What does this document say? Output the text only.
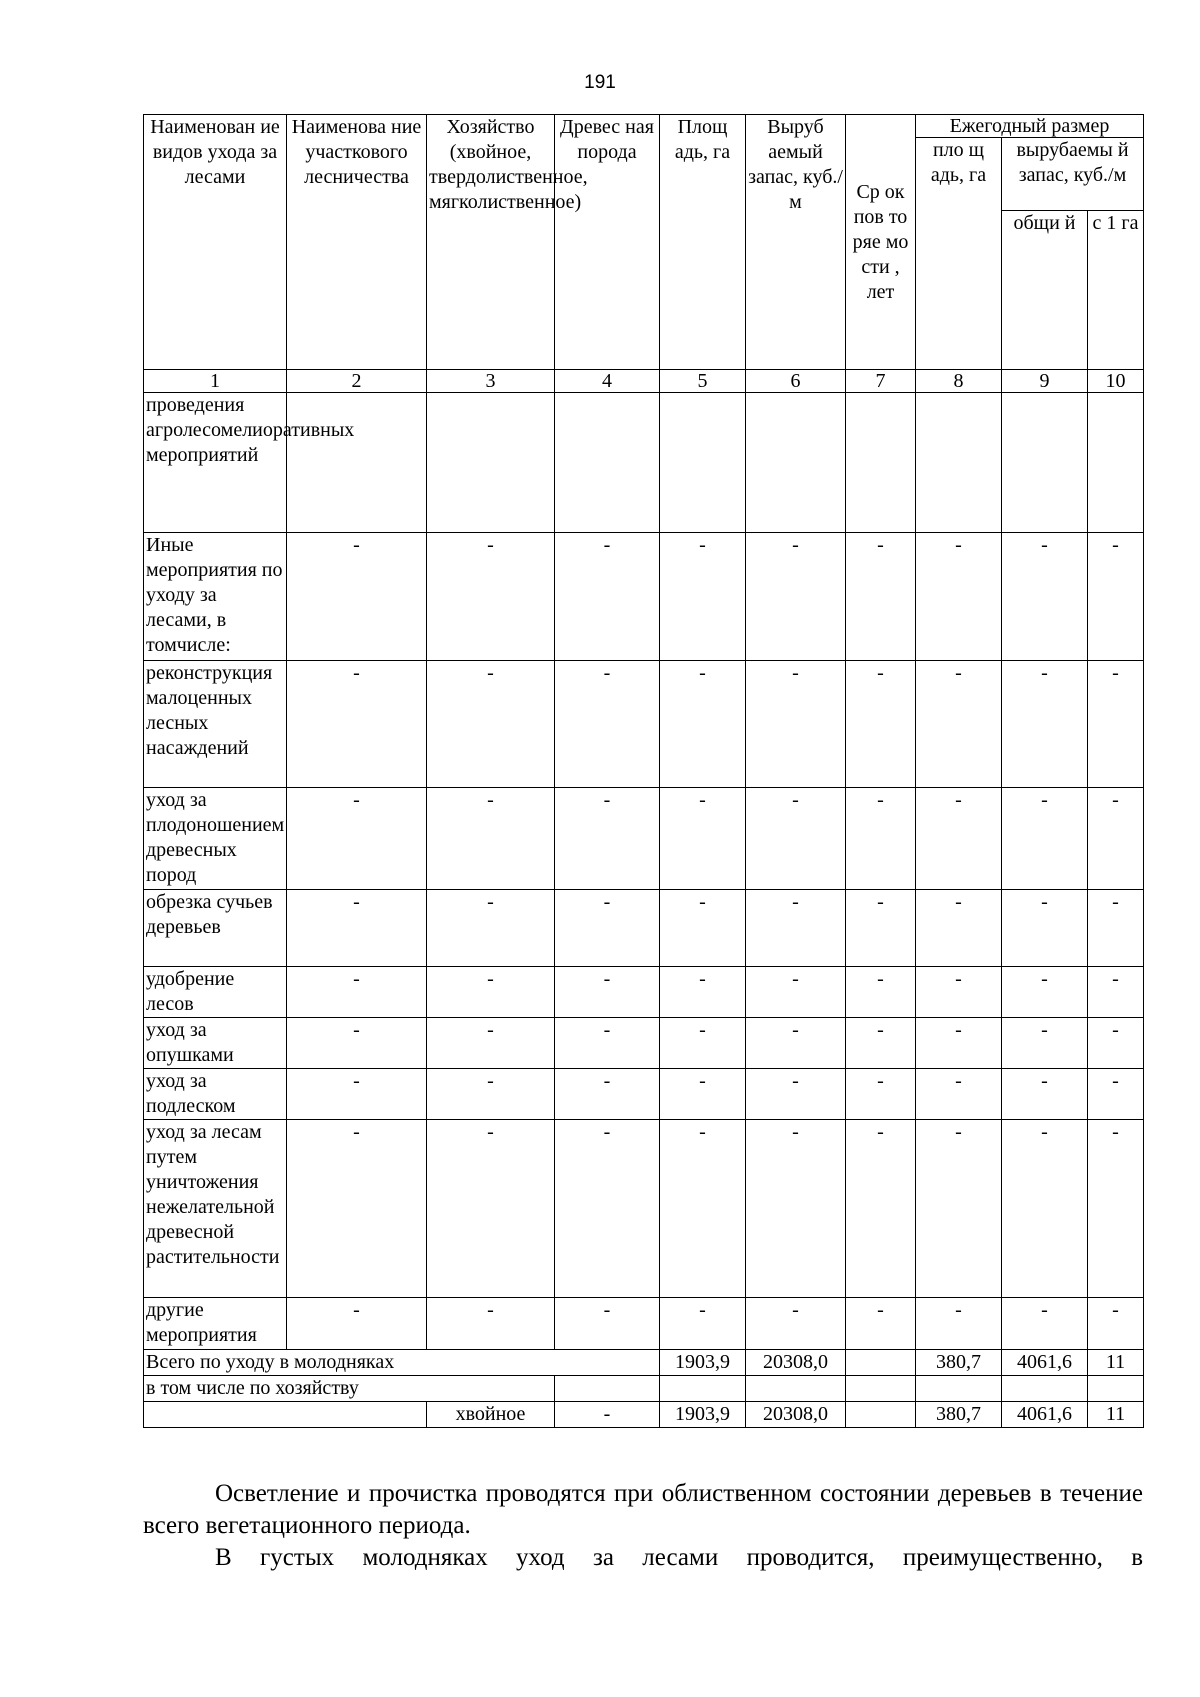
191
Наименован ие видов ухода за лесами	Наименова ние участкового лесничества	Хозяйство (хвойное, твердолиственное, мягколиственное)	Древес ная порода	Площ адь, га	Выруб аемый запас, куб./м	Ср ок пов то ряе мо сти , лет	Ежегодный размер		
							пло щ адь, га	вырубаемы й запас, куб./м	
								общи й	с 1 га
1	2	3	4	5	6	7	8	9	10
проведения агролесомелиоративных мероприятий									
Иные мероприятия по уходу за лесами, в томчисле:	-	-	-	-	-	-	-	-	-
реконструкция малоценных лесных насаждений	-	-	-	-	-	-	-	-	-
уход за плодоношением древесных пород	-	-	-	-	-	-	-	-	-
обрезка сучьев деревьев	-	-	-	-	-	-	-	-	-
удобрение лесов	-	-	-	-	-	-	-	-	-
уход за опушками	-	-	-	-	-	-	-	-	-
уход за подлеском	-	-	-	-	-	-	-	-	-
уход за лесам путем уничтожения нежелательной древесной растительности	-	-	-	-	-	-	-	-	-
другие мероприятия	-	-	-	-	-	-	-	-	-
Всего по уходу в молодняках				1903,9	20308,0		380,7	4061,6	11
в том числе по хозяйству									
		хвойное	-	1903,9	20308,0		380,7	4061,6	11
Осветление и прочистка проводятся при облиственном состоянии деревьев в течение всего вегетационного периода.
В густых молодняках уход за лесами проводится, преимущественно, в
